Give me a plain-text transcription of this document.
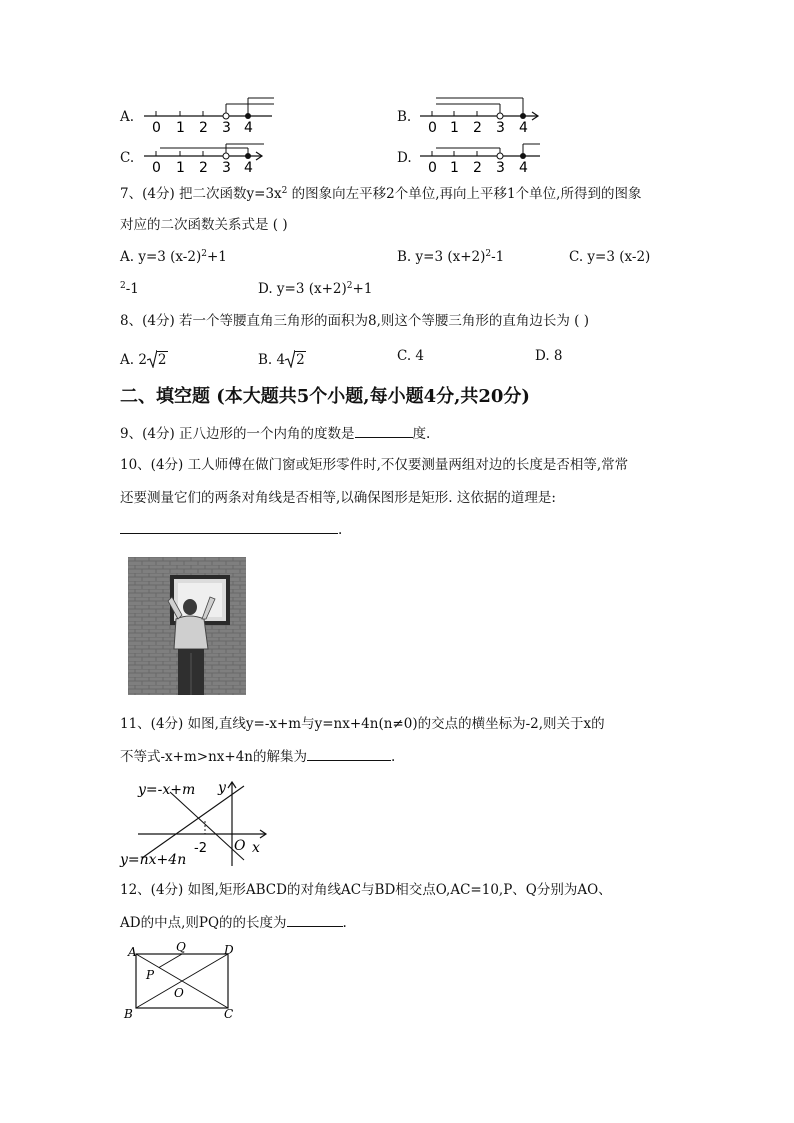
A.
0 1 2 3 4
B.
0 1 2 3 4
C.
0 1 2 3 4
D.
0 1 2 3 4
7、(4分) 把二次函数$y=3x^2$ 的图象向左平移2个单位,再向上平移1个单位,所得到的图象
对应的二次函数关系式是 ( )
A. y=3 $(x-2)^2+1$	B. y=3 $(x+2)^2-1$	C. y=3 (x-2)
$^2$-1	D. y=3 $(x+2)^2+1$
8、(4分) 若一个等腰直角三角形的面积为8,则这个等腰三角形的直角边长为 ( )
A. 2 2	B. 4 2	C. 4	D. 8
二、填空题 (本大题共5个小题,每小题4分,共20分)
9、(4分) 正八边形的一个内角的度数是	度.
10、(4分) 工人师傅在做门窗或矩形零件时,不仅要测量两组对边的长度是否相等,常常
还要测量它们的两条对角线是否相等,以确保图形是矩形. 这依据的道理是:
.
11、(4分) 如图,直线y=-x+m与y=nx+4n(n≠0)的交点的横坐标为-2,则关于x的
不等式-x+m>nx+4n的解集为	.
y=-x+m
y=nx+4n
y
x
O
-2
12、(4分) 如图,矩形ABCD的对角线AC与BD相交点O,AC=10,P、Q分别为AO、
AD的中点,则PQ的的长度为	.
A
B	C
D
Q
P
O
